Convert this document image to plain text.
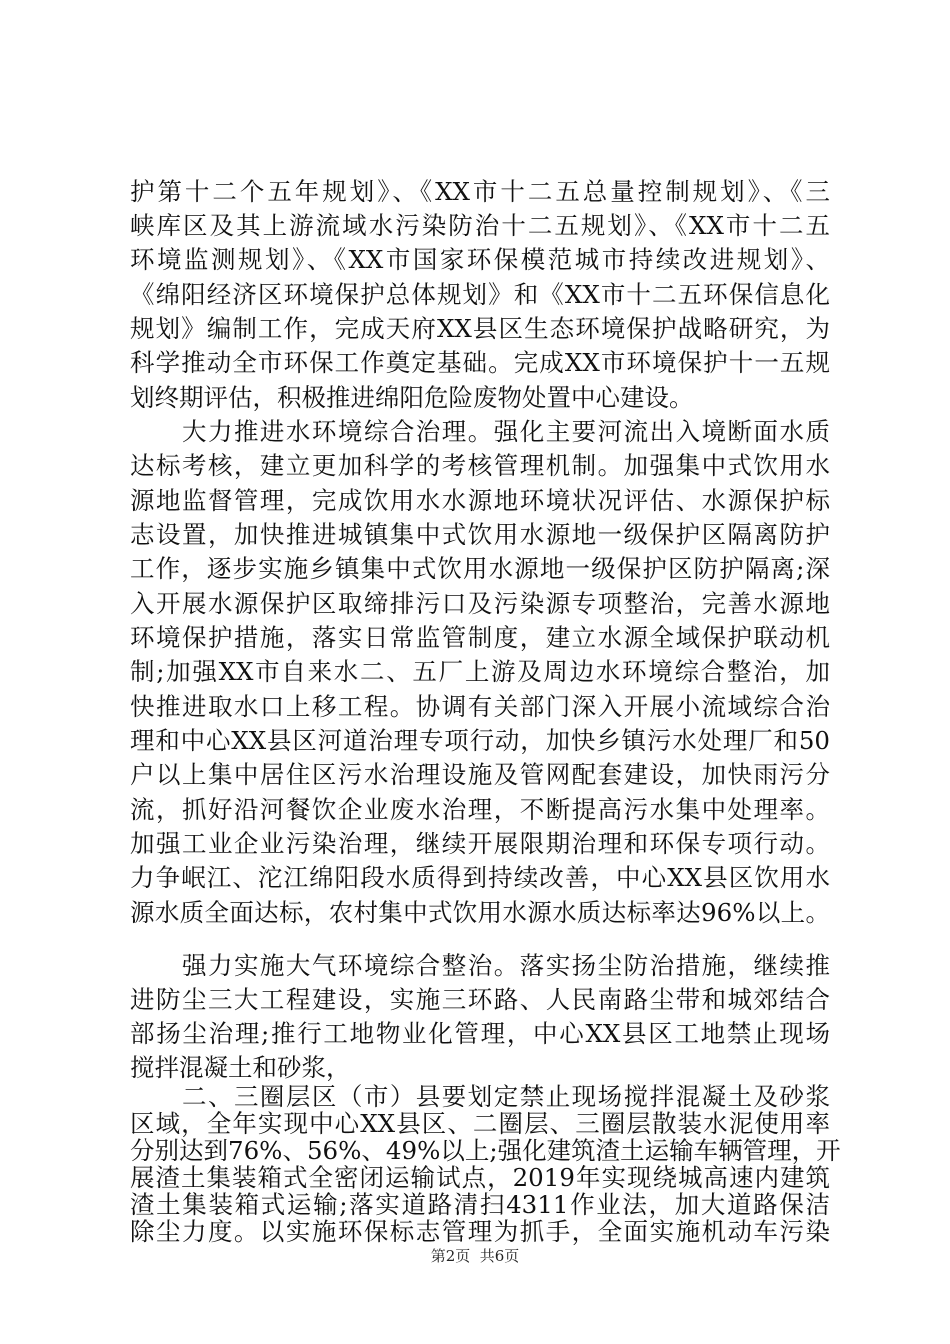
护第十二个五年规划》、《XX市十二五总量控制规划》、《三
峡库区及其上游流域水污染防治十二五规划》、《XX市十二五
环境监测规划》、《XX市国家环保模范城市持续改进规划》、
《绵阳经济区环境保护总体规划》和《XX市十二五环保信息化
规划》编制工作，完成天府XX县区生态环境保护战略研究，为
科学推动全市环保工作奠定基础。完成XX市环境保护十一五规
划终期评估，积极推进绵阳危险废物处置中心建设。
大力推进水环境综合治理。强化主要河流出入境断面水质
达标考核，建立更加科学的考核管理机制。加强集中式饮用水
源地监督管理，完成饮用水水源地环境状况评估、水源保护标
志设置，加快推进城镇集中式饮用水源地一级保护区隔离防护
工作，逐步实施乡镇集中式饮用水源地一级保护区防护隔离;深
入开展水源保护区取缔排污口及污染源专项整治，完善水源地
环境保护措施，落实日常监管制度，建立水源全域保护联动机
制;加强XX市自来水二、五厂上游及周边水环境综合整治，加
快推进取水口上移工程。协调有关部门深入开展小流域综合治
理和中心XX县区河道治理专项行动，加快乡镇污水处理厂和50
户以上集中居住区污水治理设施及管网配套建设，加快雨污分
流，抓好沿河餐饮企业废水治理，不断提高污水集中处理率。
加强工业企业污染治理，继续开展限期治理和环保专项行动。
力争岷江、沱江绵阳段水质得到持续改善，中心XX县区饮用水
源水质全面达标，农村集中式饮用水源水质达标率达96%以上。
强力实施大气环境综合整治。落实扬尘防治措施，继续推
进防尘三大工程建设，实施三环路、人民南路尘带和城郊结合
部扬尘治理;推行工地物业化管理，中心XX县区工地禁止现场
搅拌混凝土和砂浆，
二、三圈层区（市）县要划定禁止现场搅拌混凝土及砂浆
区域，全年实现中心XX县区、二圈层、三圈层散装水泥使用率
分别达到76%、56%、49%以上;强化建筑渣土运输车辆管理，开
展渣土集装箱式全密闭运输试点，2019年实现绕城高速内建筑
第2页  共6页
渣土集装箱式运输;落实道路清扫4311作业法，加大道路保洁
除尘力度。以实施环保标志管理为抓手，全面实施机动车污染
